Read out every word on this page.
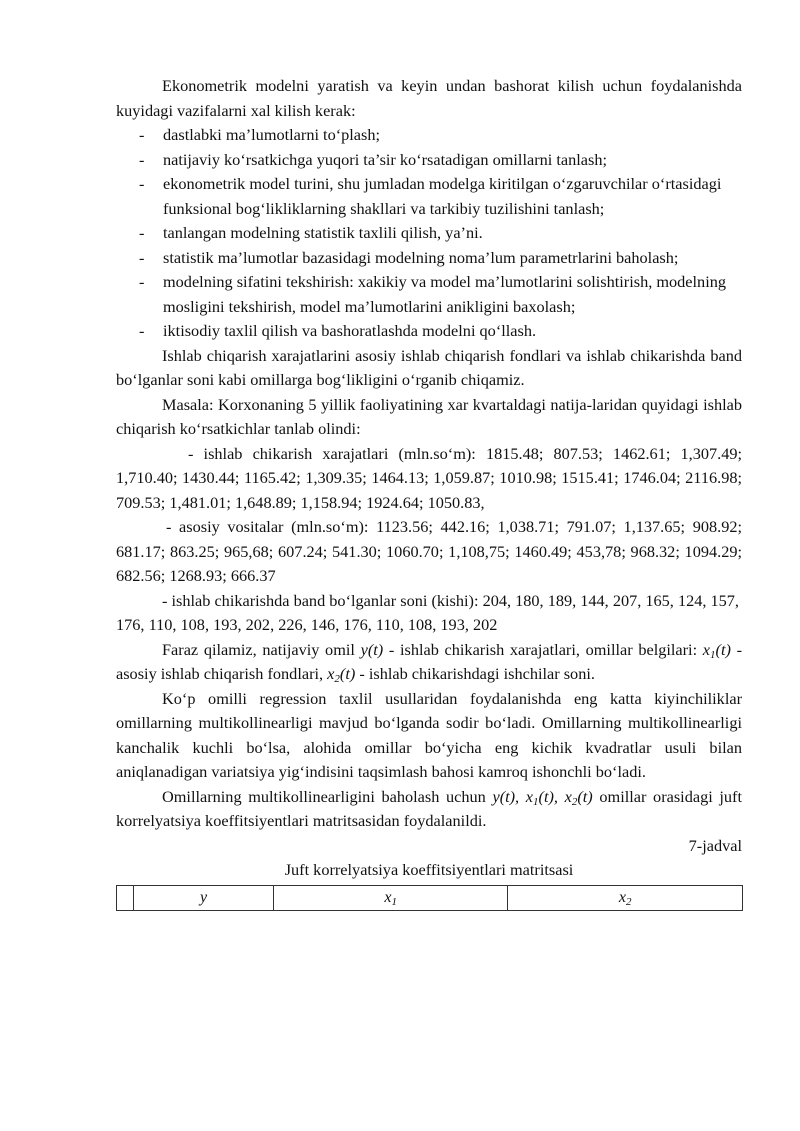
Ekonometrik modelni yaratish va keyin undan bashorat kilish uchun foydalanishda kuyidagi vazifalarni xal kilish kerak:

- dastlabki ma’lumotlarni to‘plash;
- natijaviy ko‘rsatkichga yuqori ta’sir ko‘rsatadigan omillarni tanlash;
- ekonometrik model turini, shu jumladan modelga kiritilgan o‘zgaruvchilar o‘rtasidagi funksional bog‘likliklarning shakllari va tarkibiy tuzilishini tanlash;
- tanlangan modelning statistik taxlili qilish, ya’ni.
- statistik ma’lumotlar bazasidagi modelning noma’lum parametrlarini baholash;
- modelning sifatini tekshirish: xakikiy va model ma’lumotlarini solishtirish, modelning mosligini tekshirish, model ma’lumotlarini anikligini baxolash;
- iktisodiy taxlil qilish va bashoratlashda modelni qo‘llash.

Ishlab chiqarish xarajatlarini asosiy ishlab chiqarish fondlari va ishlab chikarishda band bo‘lganlar soni kabi omillarga bog‘likligini o‘rganib chiqamiz.

Masala: Korxonaning 5 yillik faoliyatining xar kvartaldagi natija-laridan quyidagi ishlab chiqarish ko‘rsatkichlar tanlab olindi:

- ishlab chikarish xarajatlari (mln.so‘m): 1815.48; 807.53; 1462.61; 1,307.49; 1,710.40; 1430.44; 1165.42; 1,309.35; 1464.13; 1,059.87; 1010.98; 1515.41; 1746.04; 2116.98; 709.53; 1,481.01; 1,648.89; 1,158.94; 1924.64; 1050.83,

- asosiy vositalar (mln.so‘m): 1123.56; 442.16; 1,038.71; 791.07; 1,137.65; 908.92; 681.17; 863.25; 965,68; 607.24; 541.30; 1060.70; 1,108,75; 1460.49; 453,78; 968.32; 1094.29; 682.56; 1268.93; 666.37

- ishlab chikarishda band bo‘lganlar soni (kishi): 204, 180, 189, 144, 207, 165, 124, 157, 176, 110, 108, 193, 202, 226, 146, 176, 110, 108, 193, 202

Faraz qilamiz, natijaviy omil y(t) - ishlab chikarish xarajatlari, omillar belgilari: $x_1(t)$ - asosiy ishlab chiqarish fondlari, $x_2(t)$ - ishlab chikarishdagi ishchilar soni.

Ko‘p omilli regression taxlil usullaridan foydalanishda eng katta kiyinchiliklar omillarning multikollinearligi mavjud bo‘lganda sodir bo‘ladi. Omillarning multikollinearligi kanchalik kuchli bo‘lsa, alohida omillar bo‘yicha eng kichik kvadratlar usuli bilan aniqlanadigan variatsiya yig‘indisini taqsimlash bahosi kamroq ishonchli bo‘ladi.

Omillarning multikollinearligini baholash uchun y(t), $x_1(t)$, $x_2(t)$ omillar orasidagi juft korrelyatsiya koeffitsiyentlari matritsasidan foydalanildi.

7-jadval

Juft korrelyatsiya koeffitsiyentlari matritsasi

	y	$x_1$	$x_2$
